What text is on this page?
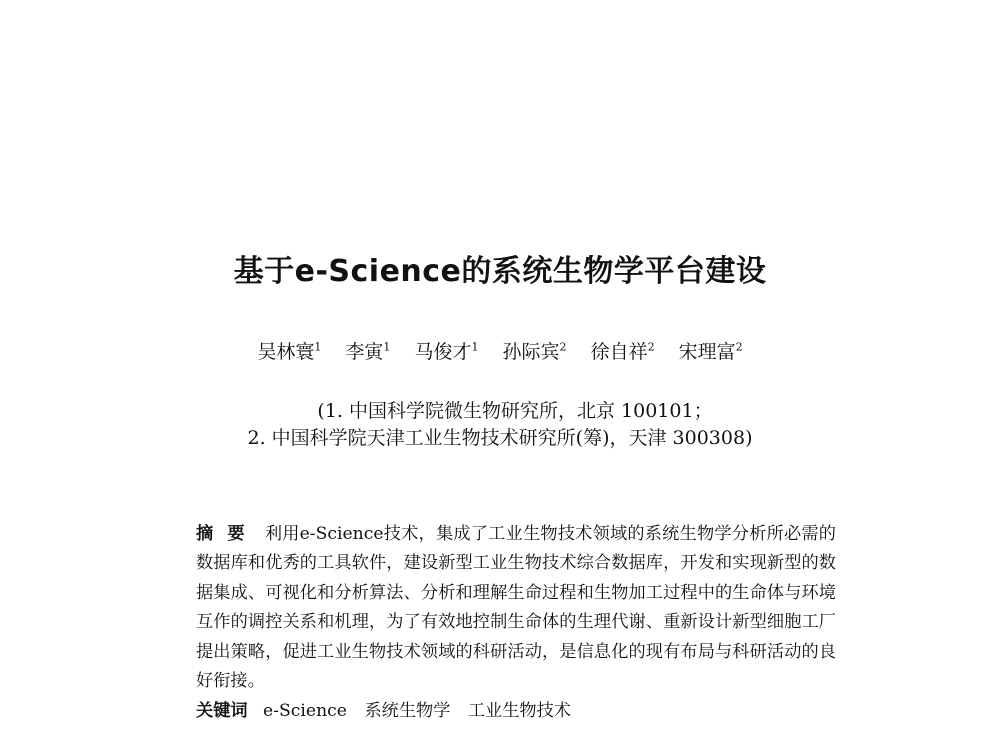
基于e-Science的系统生物学平台建设
吴林寰$^1$ 李寅$^1$ 马俊才$^1$ 孙际宾$^2$ 徐自祥$^2$ 宋理富$^2$
(1. 中国科学院微生物研究所，北京 100101；
2. 中国科学院天津工业生物技术研究所(筹)，天津 300308)
摘要 利用e-Science技术，集成了工业生物技术领域的系统生物学分析所必需的数据库和优秀的工具软件，建设新型工业生物技术综合数据库，开发和实现新型的数据集成、可视化和分析算法、分析和理解生命过程和生物加工过程中的生命体与环境互作的调控关系和机理，为了有效地控制生命体的生理代谢、重新设计新型细胞工厂提出策略，促进工业生物技术领域的科研活动，是信息化的现有布局与科研活动的良好衔接。
关键词 e-Science 系统生物学 工业生物技术
